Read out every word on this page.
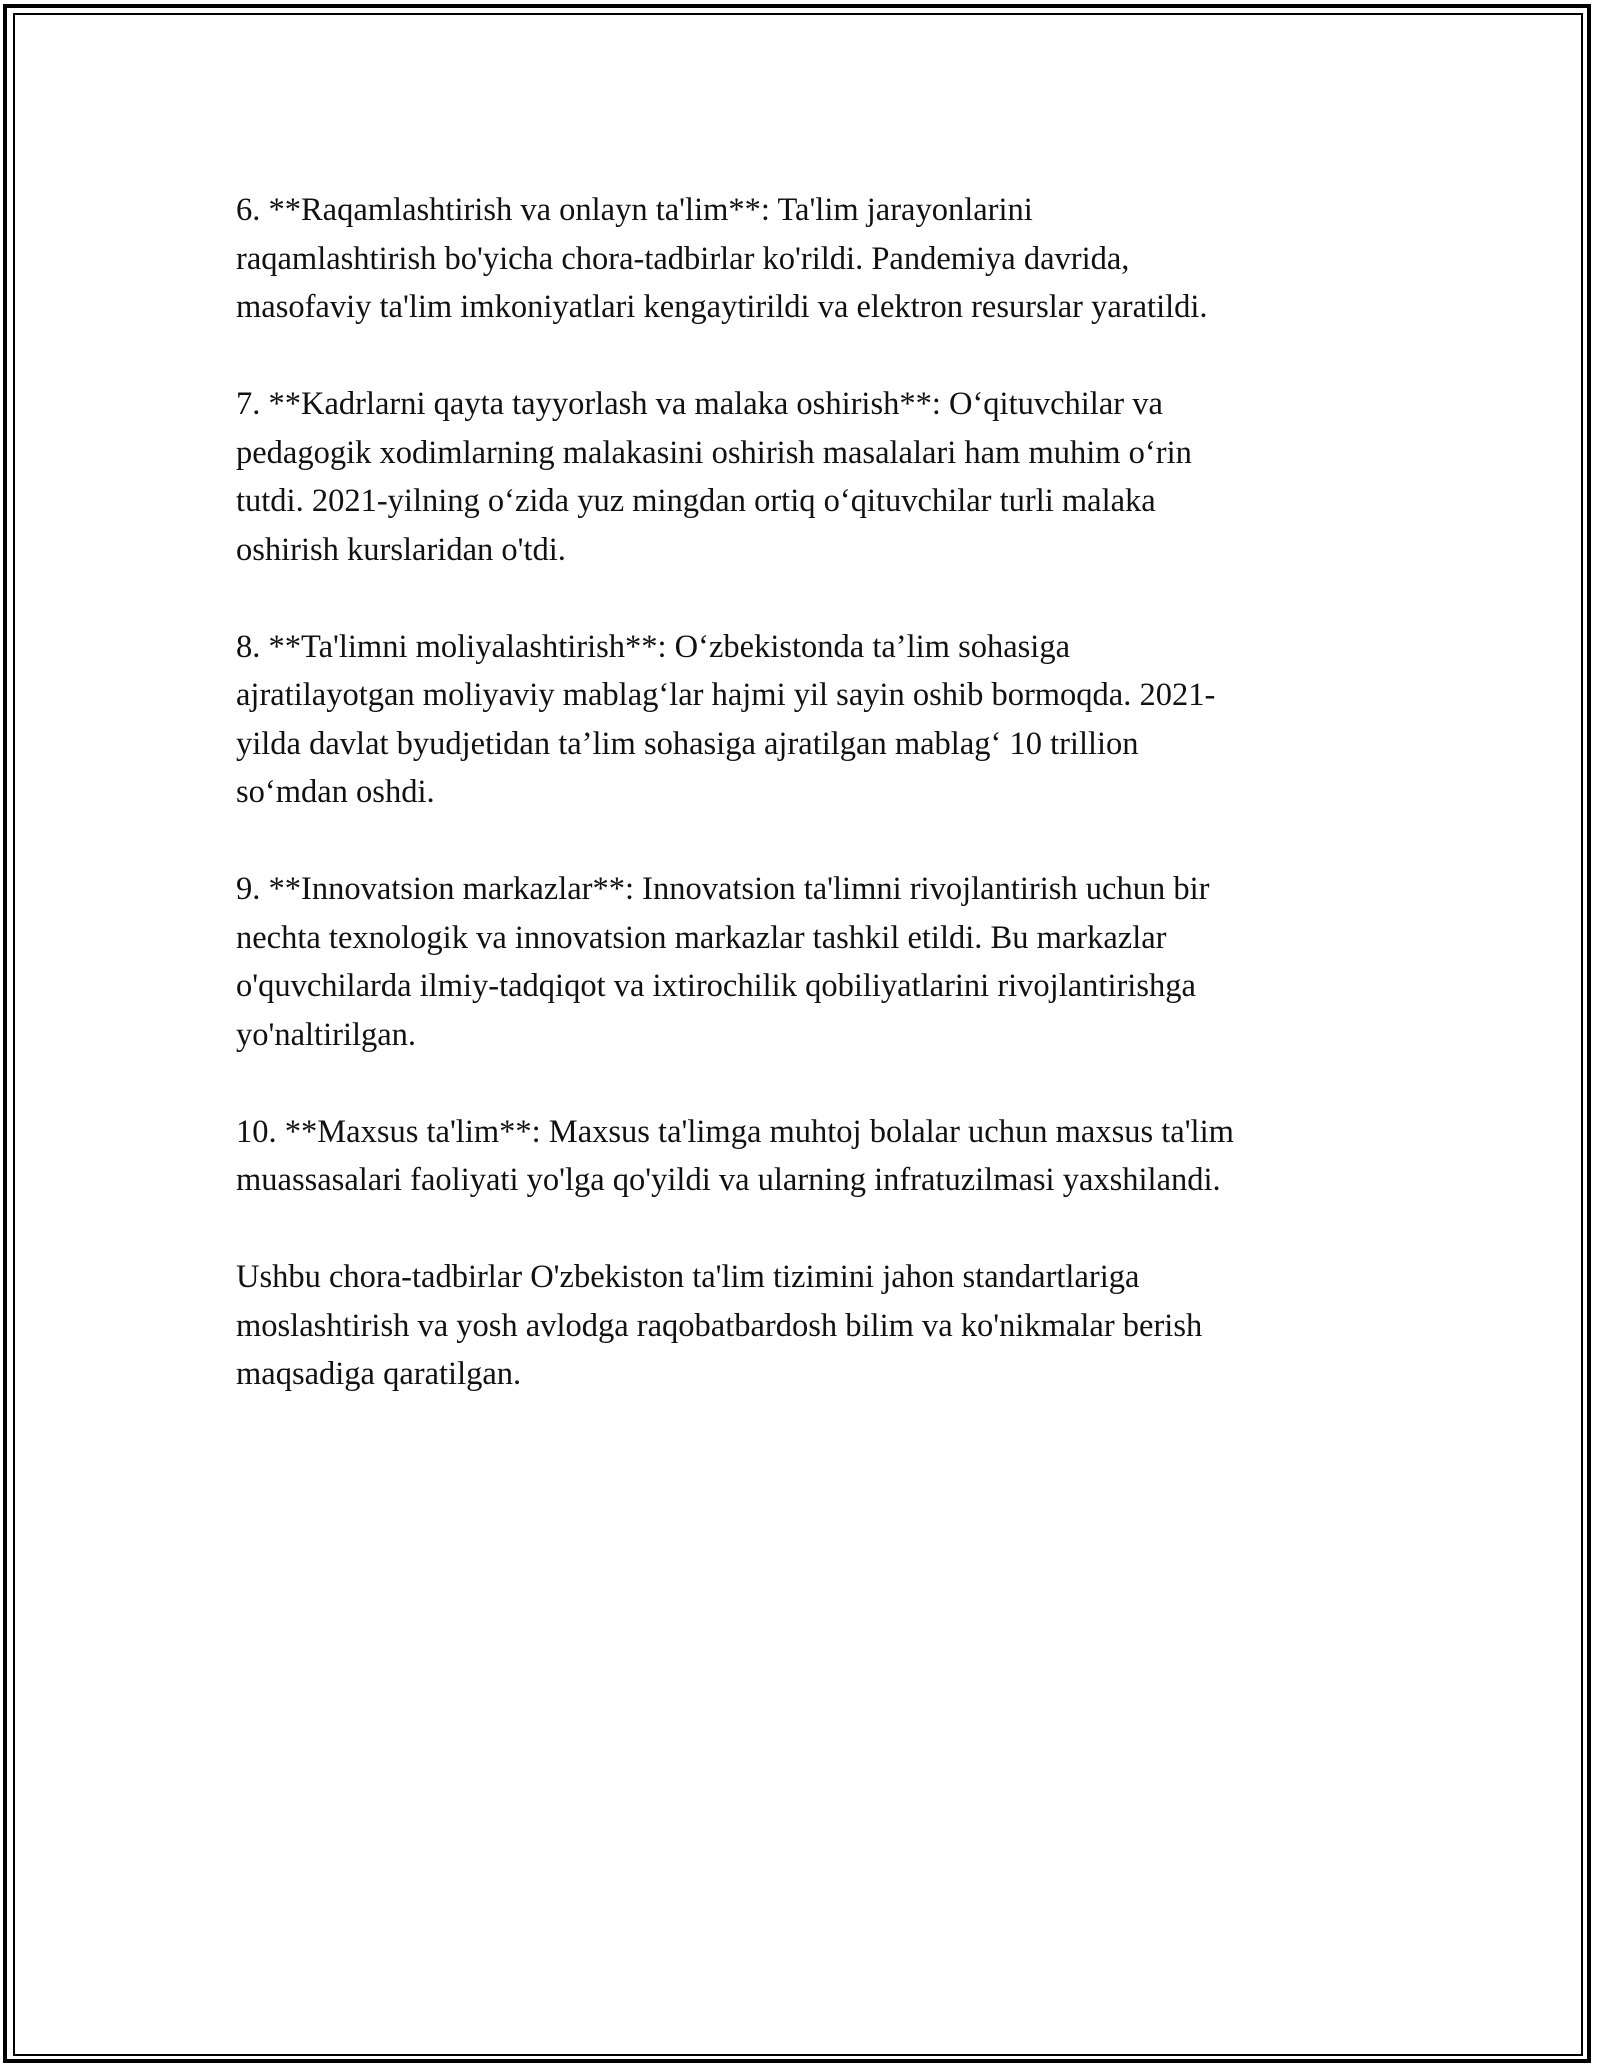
6. **Raqamlashtirish va onlayn ta'lim**: Ta'lim jarayonlarini
raqamlashtirish bo'yicha chora-tadbirlar ko'rildi. Pandemiya davrida,
masofaviy ta'lim imkoniyatlari kengaytirildi va elektron resurslar yaratildi.

7. **Kadrlarni qayta tayyorlash va malaka oshirish**: O‘qituvchilar va
pedagogik xodimlarning malakasini oshirish masalalari ham muhim o‘rin
tutdi. 2021-yilning o‘zida yuz mingdan ortiq o‘qituvchilar turli malaka
oshirish kurslaridan o'tdi.

8. **Ta'limni moliyalashtirish**: O‘zbekistonda ta’lim sohasiga
ajratilayotgan moliyaviy mablag‘lar hajmi yil sayin oshib bormoqda. 2021-
yilda davlat byudjetidan ta’lim sohasiga ajratilgan mablag‘ 10 trillion
so‘mdan oshdi.

9. **Innovatsion markazlar**: Innovatsion ta'limni rivojlantirish uchun bir
nechta texnologik va innovatsion markazlar tashkil etildi. Bu markazlar
o'quvchilarda ilmiy-tadqiqot va ixtirochilik qobiliyatlarini rivojlantirishga
yo'naltirilgan.

10. **Maxsus ta'lim**: Maxsus ta'limga muhtoj bolalar uchun maxsus ta'lim
muassasalari faoliyati yo'lga qo'yildi va ularning infratuzilmasi yaxshilandi.

Ushbu chora-tadbirlar O'zbekiston ta'lim tizimini jahon standartlariga
moslashtirish va yosh avlodga raqobatbardosh bilim va ko'nikmalar berish
maqsadiga qaratilgan.
